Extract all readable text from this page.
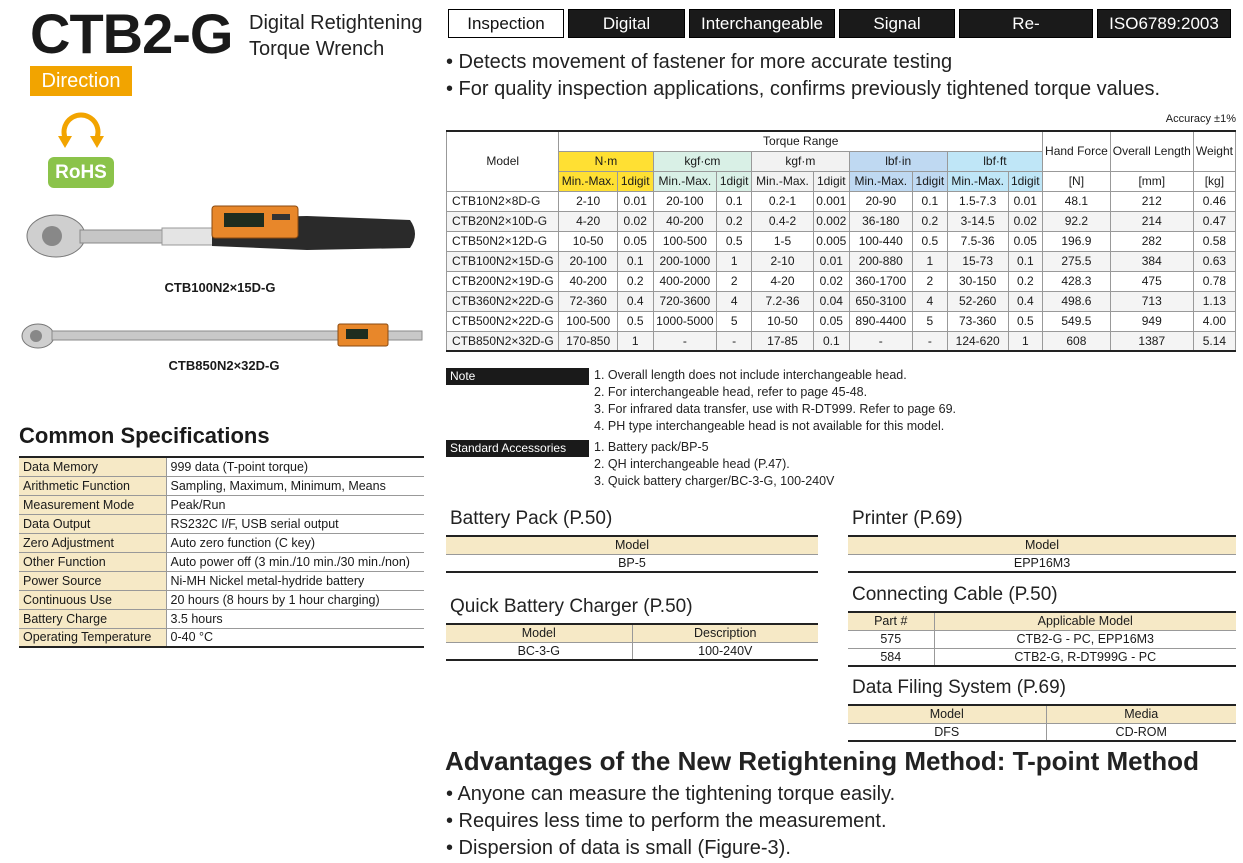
CTB2-G Digital Retightening
Torque Wrench
Inspection	Digital	Interchangeable	Signal	Re-Chargeable
ISO6789:2003
Direction
RoHS
CTB100N2×15D-G
CTB850N2×32D-G
• Detects movement of fastener for more accurate testing
• For quality inspection applications, confirms previously tightened torque values.
Accuracy ±1%
Model	Torque Range										Hand Force	Overall Length	Weight
	N·m		kgf·cm		kgf·m		lbf·in		lbf·ft				
	Min.-Max.	1digit	Min.-Max.	1digit	Min.-Max.	1digit	Min.-Max.	1digit	Min.-Max.	1digit	[N]	[mm]	[kg]
CTB10N2×8D-G	2-10	0.01	20-100	0.1	0.2-1	0.001	20-90	0.1	1.5-7.3	0.01	48.1	212	0.46
CTB20N2×10D-G	4-20	0.02	40-200	0.2	0.4-2	0.002	36-180	0.2	3-14.5	0.02	92.2	214	0.47
CTB50N2×12D-G	10-50	0.05	100-500	0.5	1-5	0.005	100-440	0.5	7.5-36	0.05	196.9	282	0.58
CTB100N2×15D-G	20-100	0.1	200-1000	1	2-10	0.01	200-880	1	15-73	0.1	275.5	384	0.63
CTB200N2×19D-G	40-200	0.2	400-2000	2	4-20	0.02	360-1700	2	30-150	0.2	428.3	475	0.78
CTB360N2×22D-G	72-360	0.4	720-3600	4	7.2-36	0.04	650-3100	4	52-260	0.4	498.6	713	1.13
CTB500N2×22D-G	100-500	0.5	1000-5000	5	10-50	0.05	890-4400	5	73-360	0.5	549.5	949	4.00
CTB850N2×32D-G	170-850	1	-	-	17-85	0.1	-	-	124-620	1	608	1387	5.14
Note	1. Overall length does not include interchangeable head.
2. For interchangeable head, refer to page 45-48.
3. For infrared data transfer, use with R-DT999. Refer to page 69.
4. PH type interchangeable head is not available for this model.
Standard Accessories	1. Battery pack/BP-5
2. QH interchangeable head (P.47).
3. Quick battery charger/BC-3-G, 100-240V
Common Specifications
Data Memory	999 data (T-point torque)
Arithmetic Function	Sampling, Maximum, Minimum, Means
Measurement Mode	Peak/Run
Data Output	RS232C I/F, USB serial output
Zero Adjustment	Auto zero function (C key)
Other Function	Auto power off (3 min./10 min./30 min./non)
Power Source	Ni-MH Nickel metal-hydride battery
Continuous Use	20 hours (8 hours by 1 hour charging)
Battery Charge	3.5 hours
Operating Temperature	0-40 °C
Battery Pack (P.50)
Model
BP-5
Quick Battery Charger (P.50)
Model	Description
BC-3-G	100-240V
Printer (P.69)
Model
EPP16M3
Connecting Cable (P.50)
Part #	Applicable Model
575	CTB2-G - PC, EPP16M3
584	CTB2-G, R-DT999G - PC
Data Filing System (P.69)
Model	Media
DFS	CD-ROM
Advantages of the New Retightening Method: T-point Method
• Anyone can measure the tightening torque easily.
• Requires less time to perform the measurement.
• Dispersion of data is small (Figure-3).
